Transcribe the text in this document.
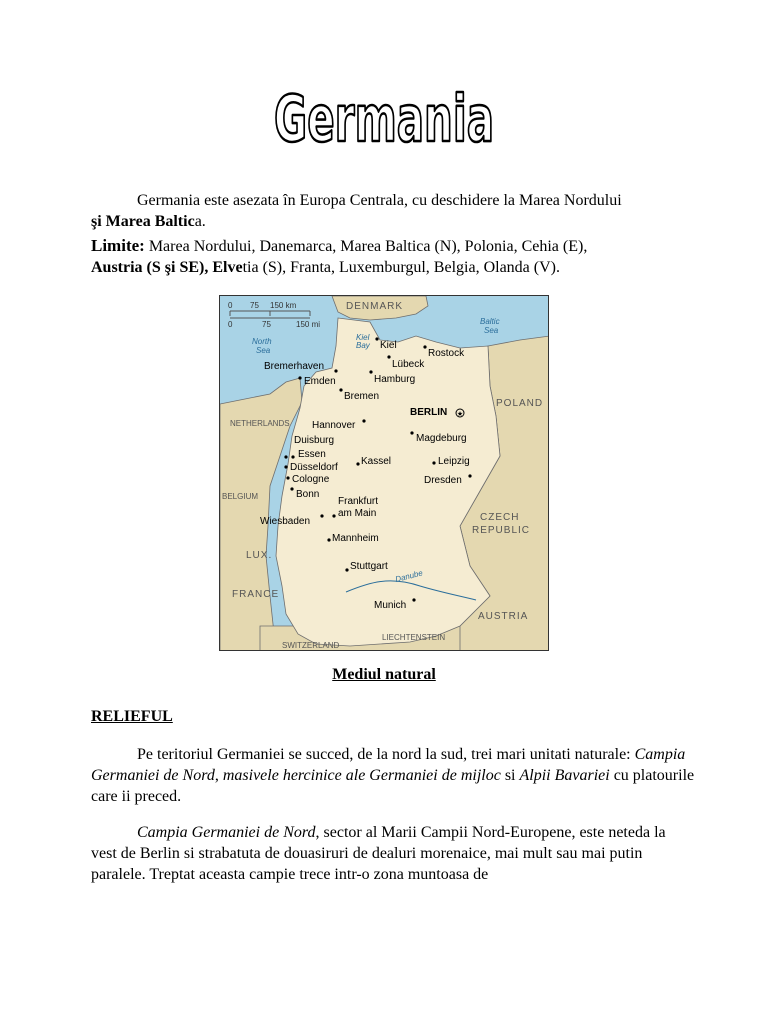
Germania

Germania este asezata în Europa Centrala, cu deschidere la Marea Nordului
şi Marea Baltica.

Limite: Marea Nordului, Danemarca, Marea Baltica (N), Polonia, Cehia (E),
Austria (S şi SE), Elvetia (S), Franta, Luxemburgul, Belgia, Olanda (V).

0 75 150 km
0	75	150 mi
North
Sea
Kiel
Bay
Baltic
Sea
DENMARK
POLAND
NETHERLANDS
BELGIUM
LUX.
FRANCE
CZECH
REPUBLIC
AUSTRIA
SWITZERLAND
LIECHTENSTEIN
★
Kiel
Rostock
Bremerhaven	Lübeck
Emden	Hamburg
Bremen
BERLIN
Hannover
Magdeburg
Duisburg
Essen
Kassel	Leipzig
Düsseldorf
Dresden
Cologne
Bonn
Frankfurt
am Main
Wiesbaden
Mannheim
Stuttgart
Munich
Danube
Mediul natural
RELIEFUL

Pe teritoriul Germaniei se succed, de la nord la sud, trei mari unitati naturale: Campia Germaniei de Nord, masivele hercinice ale Germaniei de mijloc si Alpii Bavariei cu platourile care ii preced.

Campia Germaniei de Nord, sector al Marii Campii Nord-Europene, este neteda la vest de Berlin si strabatuta de douasiruri de dealuri morenaice, mai mult sau mai putin paralele. Treptat aceasta campie trece intr-o zona muntoasa de
